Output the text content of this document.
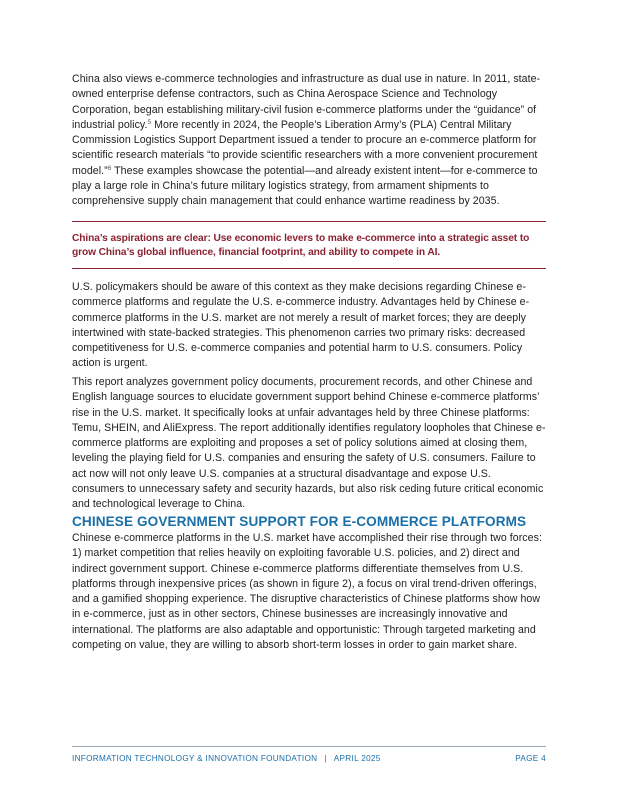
China also views e-commerce technologies and infrastructure as dual use in nature. In 2011, state-owned enterprise defense contractors, such as China Aerospace Science and Technology Corporation, began establishing military-civil fusion e-commerce platforms under the “guidance” of industrial policy.$^5$ More recently in 2024, the People’s Liberation Army’s (PLA) Central Military Commission Logistics Support Department issued a tender to procure an e-commerce platform for scientific research materials “to provide scientific researchers with a more convenient procurement model.”$^6$ These examples showcase the potential—and already existent intent—for e-commerce to play a large role in China’s future military logistics strategy, from armament shipments to comprehensive supply chain management that could enhance wartime readiness by 2035.

China’s aspirations are clear: Use economic levers to make e-commerce into a strategic asset to grow China’s global influence, financial footprint, and ability to compete in AI.

U.S. policymakers should be aware of this context as they make decisions regarding Chinese e-commerce platforms and regulate the U.S. e-commerce industry. Advantages held by Chinese e-commerce platforms in the U.S. market are not merely a result of market forces; they are deeply intertwined with state-backed strategies. This phenomenon carries two primary risks: decreased competitiveness for U.S. e-commerce companies and potential harm to U.S. consumers. Policy action is urgent.

This report analyzes government policy documents, procurement records, and other Chinese and English language sources to elucidate government support behind Chinese e-commerce platforms’ rise in the U.S. market. It specifically looks at unfair advantages held by three Chinese platforms: Temu, SHEIN, and AliExpress. The report additionally identifies regulatory loopholes that Chinese e-commerce platforms are exploiting and proposes a set of policy solutions aimed at closing them, leveling the playing field for U.S. companies and ensuring the safety of U.S. consumers. Failure to act now will not only leave U.S. companies at a structural disadvantage and expose U.S. consumers to unnecessary safety and security hazards, but also risk ceding future critical economic and technological leverage to China.

CHINESE GOVERNMENT SUPPORT FOR E-COMMERCE PLATFORMS

Chinese e-commerce platforms in the U.S. market have accomplished their rise through two forces: 1) market competition that relies heavily on exploiting favorable U.S. policies, and 2) direct and indirect government support. Chinese e-commerce platforms differentiate themselves from U.S. platforms through inexpensive prices (as shown in figure 2), a focus on viral trend-driven offerings, and a gamified shopping experience. The disruptive characteristics of Chinese platforms show how in e-commerce, just as in other sectors, Chinese businesses are increasingly innovative and international. The platforms are also adaptable and opportunistic: Through targeted marketing and competing on value, they are willing to absorb short-term losses in order to gain market share.

INFORMATION TECHNOLOGY & INNOVATION FOUNDATION | APRIL 2025	PAGE 4
